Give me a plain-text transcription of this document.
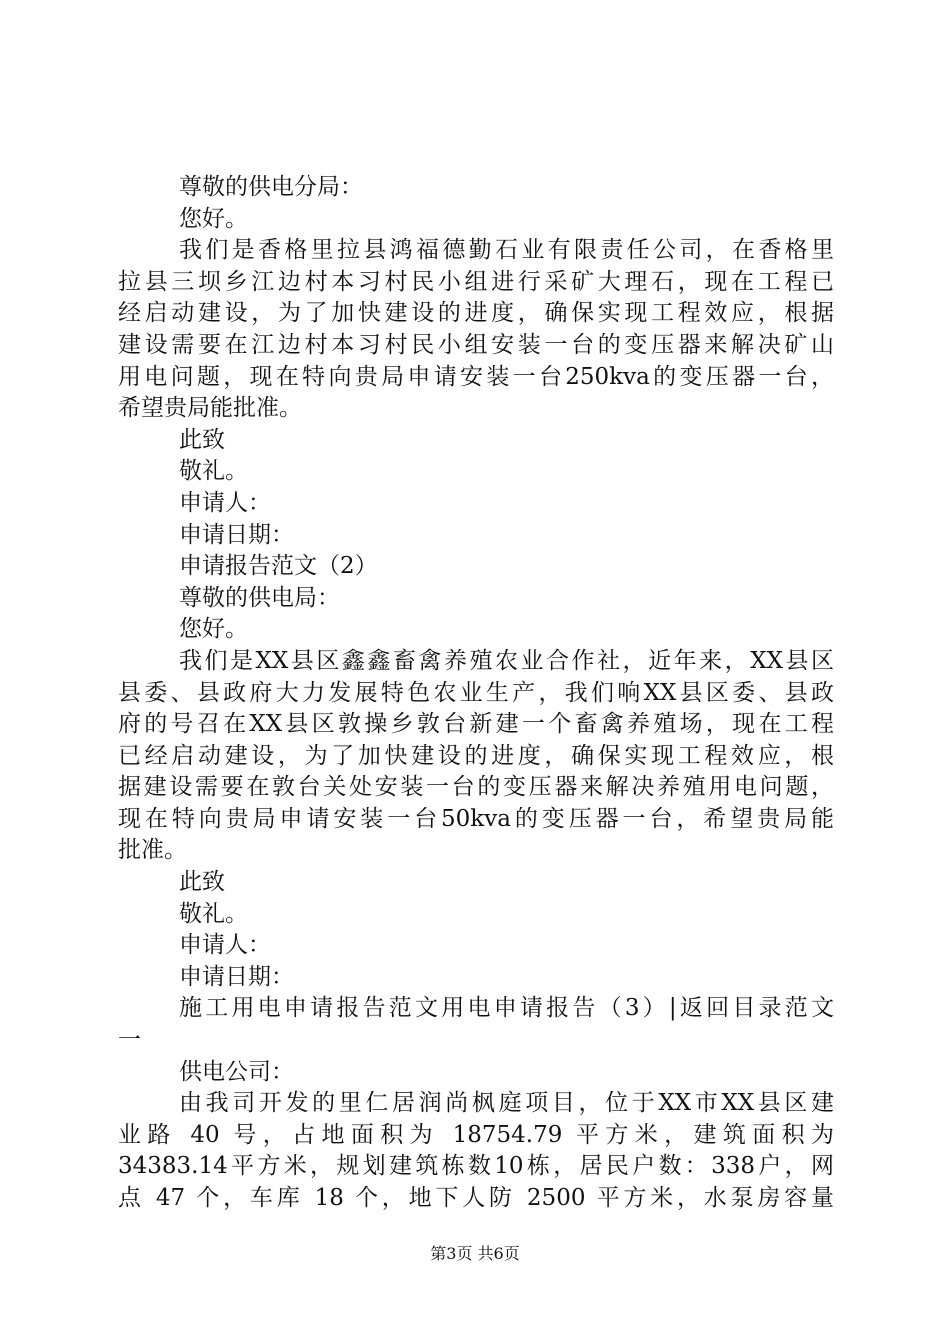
尊敬的供电分局：
您好。
我们是香格里拉县鸿福德勤石业有限责任公司，在香格里
拉县三坝乡江边村本习村民小组进行采矿大理石，现在工程已
经启动建设，为了加快建设的进度，确保实现工程效应，根据
建设需要在江边村本习村民小组安装一台的变压器来解决矿山
用电问题，现在特向贵局申请安装一台250kva的变压器一台，
希望贵局能批准。
此致
敬礼。
申请人：
申请日期：
申请报告范文（2）
尊敬的供电局：
您好。
我们是XX县区鑫鑫畜禽养殖农业合作社，近年来，XX县区
县委、县政府大力发展特色农业生产，我们响XX县区委、县政
府的号召在XX县区敦操乡敦台新建一个畜禽养殖场，现在工程
已经启动建设，为了加快建设的进度，确保实现工程效应，根
据建设需要在敦台关处安装一台的变压器来解决养殖用电问题，
现在特向贵局申请安装一台50kva的变压器一台，希望贵局能
批准。
此致
敬礼。
申请人：
申请日期：
施工用电申请报告范文用电申请报告（3）|返回目录范文
一
供电公司：
由我司开发的里仁居润尚枫庭项目，位于XX市XX县区建
业路 40 号，占地面积为 18754.79 平方米，建筑面积为
34383.14平方米，规划建筑栋数10栋，居民户数：338户，网
点 47 个，车库 18 个，地下人防 2500 平方米，水泵房容量
第3页 共6页
